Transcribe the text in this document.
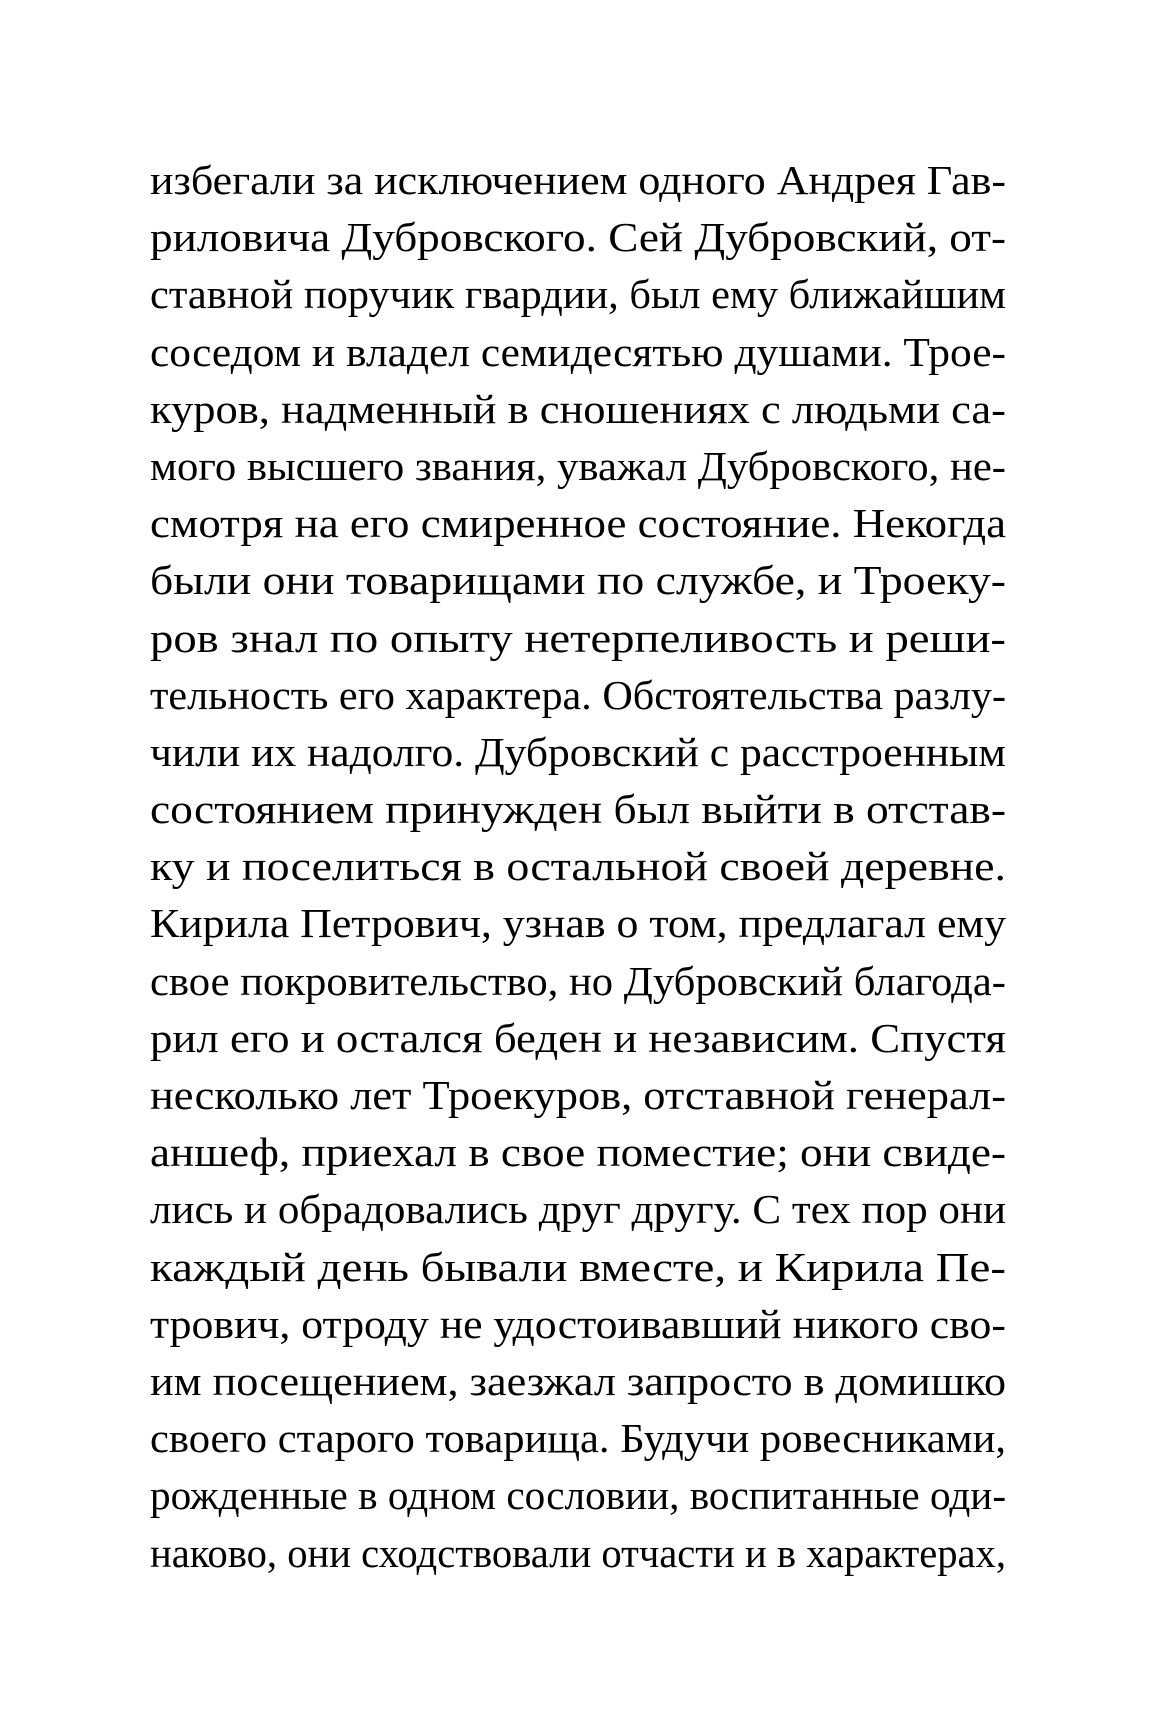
избегали за исключением одного Андрея Гав-
риловича Дубровского. Сей Дубровский, от-
ставной поручик гвардии, был ему ближайшим
соседом и владел семидесятью душами. Трое-
куров, надменный в сношениях с людьми са-
мого высшего звания, уважал Дубровского, не-
смотря на его смиренное состояние. Некогда
были они товарищами по службе, и Троеку-
ров знал по опыту нетерпеливость и реши-
тельность его характера. Обстоятельства разлу-
чили их надолго. Дубровский с расстроенным
состоянием принужден был выйти в отстав-
ку и поселиться в остальной своей деревне.
Кирила Петрович, узнав о том, предлагал ему
свое покровительство, но Дубровский благода-
рил его и остался беден и независим. Спустя
несколько лет Троекуров, отставной генерал-
аншеф, приехал в свое поместие; они свиде-
лись и обрадовались друг другу. С тех пор они
каждый день бывали вместе, и Кирила Пе-
трович, отроду не удостоивавший никого сво-
им посещением, заезжал запросто в домишко
своего старого товарища. Будучи ровесниками,
рожденные в одном сословии, воспитанные оди-
наково, они сходствовали отчасти и в характерах,
